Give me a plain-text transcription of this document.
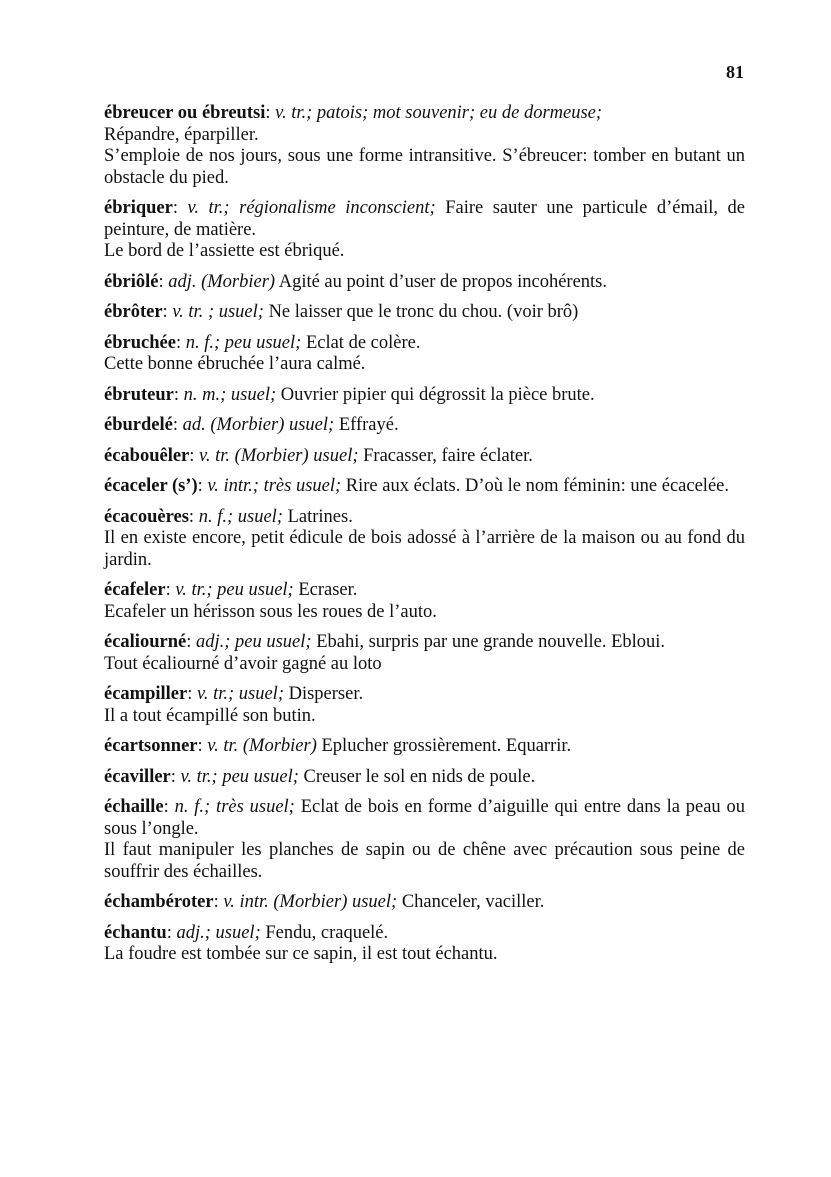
81

ébreucer ou ébreutsi: v. tr.; patois; mot souvenir; eu de dormeuse;

Répandre, éparpiller.

S’emploie de nos jours, sous une forme intransitive. S’ébreucer: tomber en butant un obstacle du pied.

ébriquer: v. tr.; régionalisme inconscient; Faire sauter une particule d’émail, de peinture, de matière.

Le bord de l’assiette est ébriqué.

ébriôlé: adj. (Morbier) Agité au point d’user de propos incohérents.

ébrôter: v. tr. ; usuel; Ne laisser que le tronc du chou. (voir brô)

ébruchée: n. f.; peu usuel; Eclat de colère.

Cette bonne ébruchée l’aura calmé.

ébruteur: n. m.; usuel; Ouvrier pipier qui dégrossit la pièce brute.

éburdelé: ad. (Morbier) usuel; Effrayé.

écabouêler: v. tr. (Morbier) usuel; Fracasser, faire éclater.

écaceler (s’): v. intr.; très usuel; Rire aux éclats. D’où le nom féminin: une écacelée.

écacouères: n. f.; usuel; Latrines.

Il en existe encore, petit édicule de bois adossé à l’arrière de la maison ou au fond du jardin.

écafeler: v. tr.; peu usuel; Ecraser.

Ecafeler un hérisson sous les roues de l’auto.

écaliourné: adj.; peu usuel; Ebahi, surpris par une grande nouvelle. Ebloui.

Tout écaliourné d’avoir gagné au loto

écampiller: v. tr.; usuel; Disperser.

Il a tout écampillé son butin.

écartsonner: v. tr. (Morbier) Eplucher grossièrement. Equarrir.

écaviller: v. tr.; peu usuel; Creuser le sol en nids de poule.

échaille: n. f.; très usuel; Eclat de bois en forme d’aiguille qui entre dans la peau ou sous l’ongle.

Il faut manipuler les planches de sapin ou de chêne avec précaution sous peine de souffrir des échailles.

échambéroter: v. intr. (Morbier) usuel; Chanceler, vaciller.

échantu: adj.; usuel; Fendu, craquelé.

La foudre est tombée sur ce sapin, il est tout échantu.
